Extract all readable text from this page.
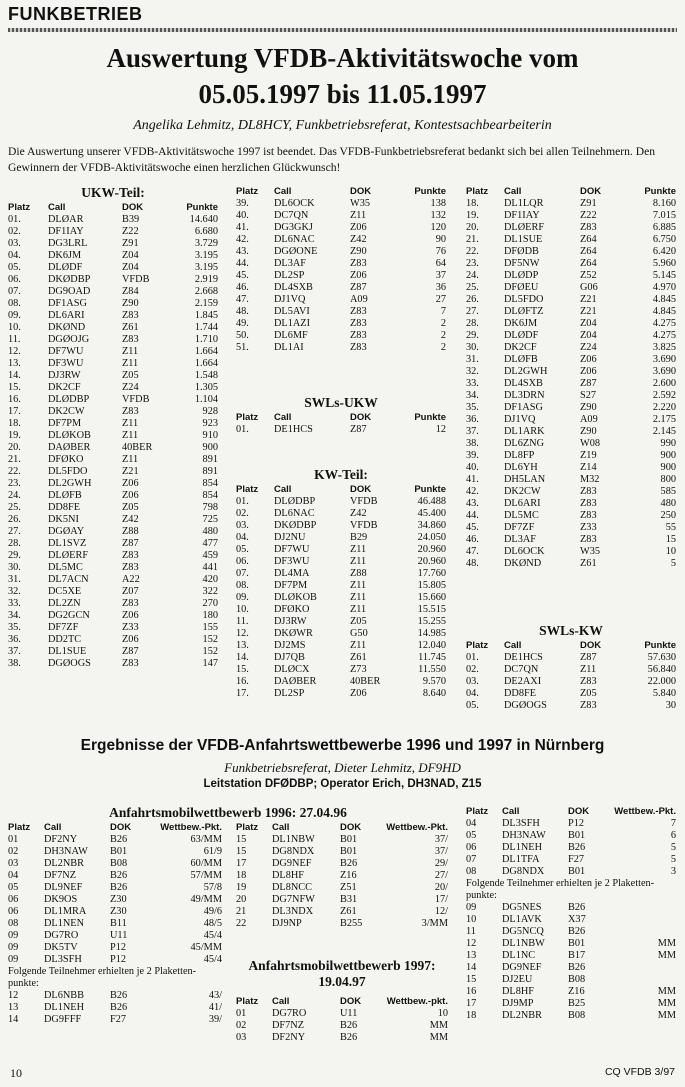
FUNKBETRIEB
Auswertung VFDB-Aktivitätswoche vom
05.05.1997 bis 11.05.1997
Angelika Lehmitz, DL8HCY, Funkbetriebsreferat, Kontestsachbearbeiterin
Die Auswertung unserer VFDB-Aktivitätswoche 1997 ist beendet. Das VFDB-Funkbetriebsreferat bedankt sich bei allen Teilnehmern. Den Gewinnern der VFDB-Aktivitätswoche einen herzlichen Glückwunsch!
UKW-Teil:
Platz	Call	DOK	Punkte
01.	DLØAR	B39	14.640
02.	DF1IAY	Z22	6.680
03.	DG3LRL	Z91	3.729
04.	DK6JM	Z04	3.195
05.	DLØDF	Z04	3.195
06.	DKØDBP	VFDB	2.919
07.	DG9OAD	Z84	2.668
08.	DF1ASG	Z90	2.159
09.	DL6ARI	Z83	1.845
10.	DKØND	Z61	1.744
11.	DGØOJG	Z83	1.710
12.	DF7WU	Z11	1.664
13.	DF3WU	Z11	1.664
14.	DJ3RW	Z05	1.548
15.	DK2CF	Z24	1.305
16.	DLØDBP	VFDB	1.104
17.	DK2CW	Z83	928
18.	DF7PM	Z11	923
19.	DLØKOB	Z11	910
20.	DAØBER	40BER	900
21.	DFØKO	Z11	891
22.	DL5FDO	Z21	891
23.	DL2GWH	Z06	854
24.	DLØFB	Z06	854
25.	DD8FE	Z05	798
26.	DK5NI	Z42	725
27.	DGØAY	Z88	480
28.	DL1SVZ	Z87	477
29.	DLØERF	Z83	459
30.	DL5MC	Z83	441
31.	DL7ACN	A22	420
32.	DC5XE	Z07	322
33.	DL2ZN	Z83	270
34.	DG2GCN	Z06	180
35.	DF7ZF	Z33	155
36.	DD2TC	Z06	152
37.	DL1SUE	Z87	152
38.	DGØOGS	Z83	147
Platz	Call	DOK	Punkte
39.	DL6OCK	W35	138
40.	DC7QN	Z11	132
41.	DG3GKJ	Z06	120
42.	DL6NAC	Z42	90
43.	DGØONE	Z90	76
44.	DL3AF	Z83	64
45.	DL2SP	Z06	37
46.	DL4SXB	Z87	36
47.	DJ1VQ	A09	27
48.	DL5AVI	Z83	7
49.	DL1AZI	Z83	2
50.	DL6MF	Z83	2
51.	DL1AI	Z83	2
SWLs-UKW
Platz	Call	DOK	Punkte
01.	DE1HCS	Z87	12
KW-Teil:
Platz	Call	DOK	Punkte
01.	DLØDBP	VFDB	46.488
02.	DL6NAC	Z42	45.400
03.	DKØDBP	VFDB	34.860
04.	DJ2NU	B29	24.050
05.	DF7WU	Z11	20.960
06.	DF3WU	Z11	20.960
07.	DL4MA	Z88	17.760
08.	DF7PM	Z11	15.805
09.	DLØKOB	Z11	15.660
10.	DFØKO	Z11	15.515
11.	DJ3RW	Z05	15.255
12.	DKØWR	G50	14.985
13.	DJ2MS	Z11	12.040
14.	DJ7QB	Z61	11.745
15.	DLØCX	Z73	11.550
16.	DAØBER	40BER	9.570
17.	DL2SP	Z06	8.640
Platz	Call	DOK	Punkte
18.	DL1LQR	Z91	8.160
19.	DF1IAY	Z22	7.015
20.	DLØERF	Z83	6.885
21.	DL1SUE	Z64	6.750
22.	DFØDB	Z64	6.420
23.	DF5NW	Z64	5.960
24.	DLØDP	Z52	5.145
25.	DFØEU	G06	4.970
26.	DL5FDO	Z21	4.845
27.	DLØFTZ	Z21	4.845
28.	DK6JM	Z04	4.275
29.	DLØDF	Z04	4.275
30.	DK2CF	Z24	3.825
31.	DLØFB	Z06	3.690
32.	DL2GWH	Z06	3.690
33.	DL4SXB	Z87	2.600
34.	DL3DRN	S27	2.592
35.	DF1ASG	Z90	2.220
36.	DJ1VQ	A09	2.175
37.	DL1ARK	Z90	2.145
38.	DL6ZNG	W08	990
39.	DL8FP	Z19	900
40.	DL6YH	Z14	900
41.	DH5LAN	M32	800
42.	DK2CW	Z83	585
43.	DL6ARI	Z83	480
44.	DL5MC	Z83	250
45.	DF7ZF	Z33	55
46.	DL3AF	Z83	15
47.	DL6OCK	W35	10
48.	DKØND	Z61	5
SWLs-KW
Platz	Call	DOK	Punkte
01.	DE1HCS	Z87	57.630
02.	DC7QN	Z11	56.840
03.	DE2AXI	Z83	22.000
04.	DD8FE	Z05	5.840
05.	DGØOGS	Z83	30
Ergebnisse der VFDB-Anfahrtswettbewerbe 1996 und 1997 in Nürnberg
Funkbetriebsreferat, Dieter Lehmitz, DF9HD
Leitstation DFØDBP; Operator Erich, DH3NAD, Z15
Anfahrtsmobilwettbewerb 1996: 27.04.96
Platz	Call	DOK	Wettbew.-Pkt.
01	DF2NY	B26	63/MM
02	DH3NAW	B01	61/9
03	DL2NBR	B08	60/MM
04	DF7NZ	B26	57/MM
05	DL9NEF	B26	57/8
06	DK9OS	Z30	49/MM
06	DL1MRA	Z30	49/6
08	DL1NEN	B11	48/5
09	DG7RO	U11	45/4
09	DK5TV	P12	45/MM
09	DL3SFH	P12	45/4
Folgende Teilnehmer erhielten je 2 Plaketten-punkte:
12	DL6NBB	B26	43/
13	DL1NEH	B26	41/
14	DG9FFF	F27	39/
Platz	Call	DOK	Wettbew.-Pkt.
15	DL1NBW	B01	37/
15	DG8NDX	B01	37/
17	DG9NEF	B26	29/
18	DL8HF	Z16	27/
19	DL8NCC	Z51	20/
20	DG7NFW	B31	17/
21	DL3NDX	Z61	12/
22	DJ9NP	B255	3/MM
Anfahrtsmobilwettbewerb 1997:
19.04.97
Platz	Call	DOK	Wettbew.-pkt.
01	DG7RO	U11	10
02	DF7NZ	B26	MM
03	DF2NY	B26	MM
Platz	Call	DOK	Wettbew.-Pkt.
04	DL3SFH	P12	7
05	DH3NAW	B01	6
06	DL1NEH	B26	5
07	DL1TFA	F27	5
08	DG8NDX	B01	3
Folgende Teilnehmer erhielten je 2 Plaketten-punkte:
09	DG5NES	B26
10	DL1AVK	X37
11	DG5NCQ	B26
12	DL1NBW	B01	MM
13	DL1NC	B17	MM
14	DG9NEF	B26
15	DJ2EU	B08
16	DL8HF	Z16	MM
17	DJ9MP	B25	MM
18	DL2NBR	B08	MM
10	CQ VFDB 3/97
